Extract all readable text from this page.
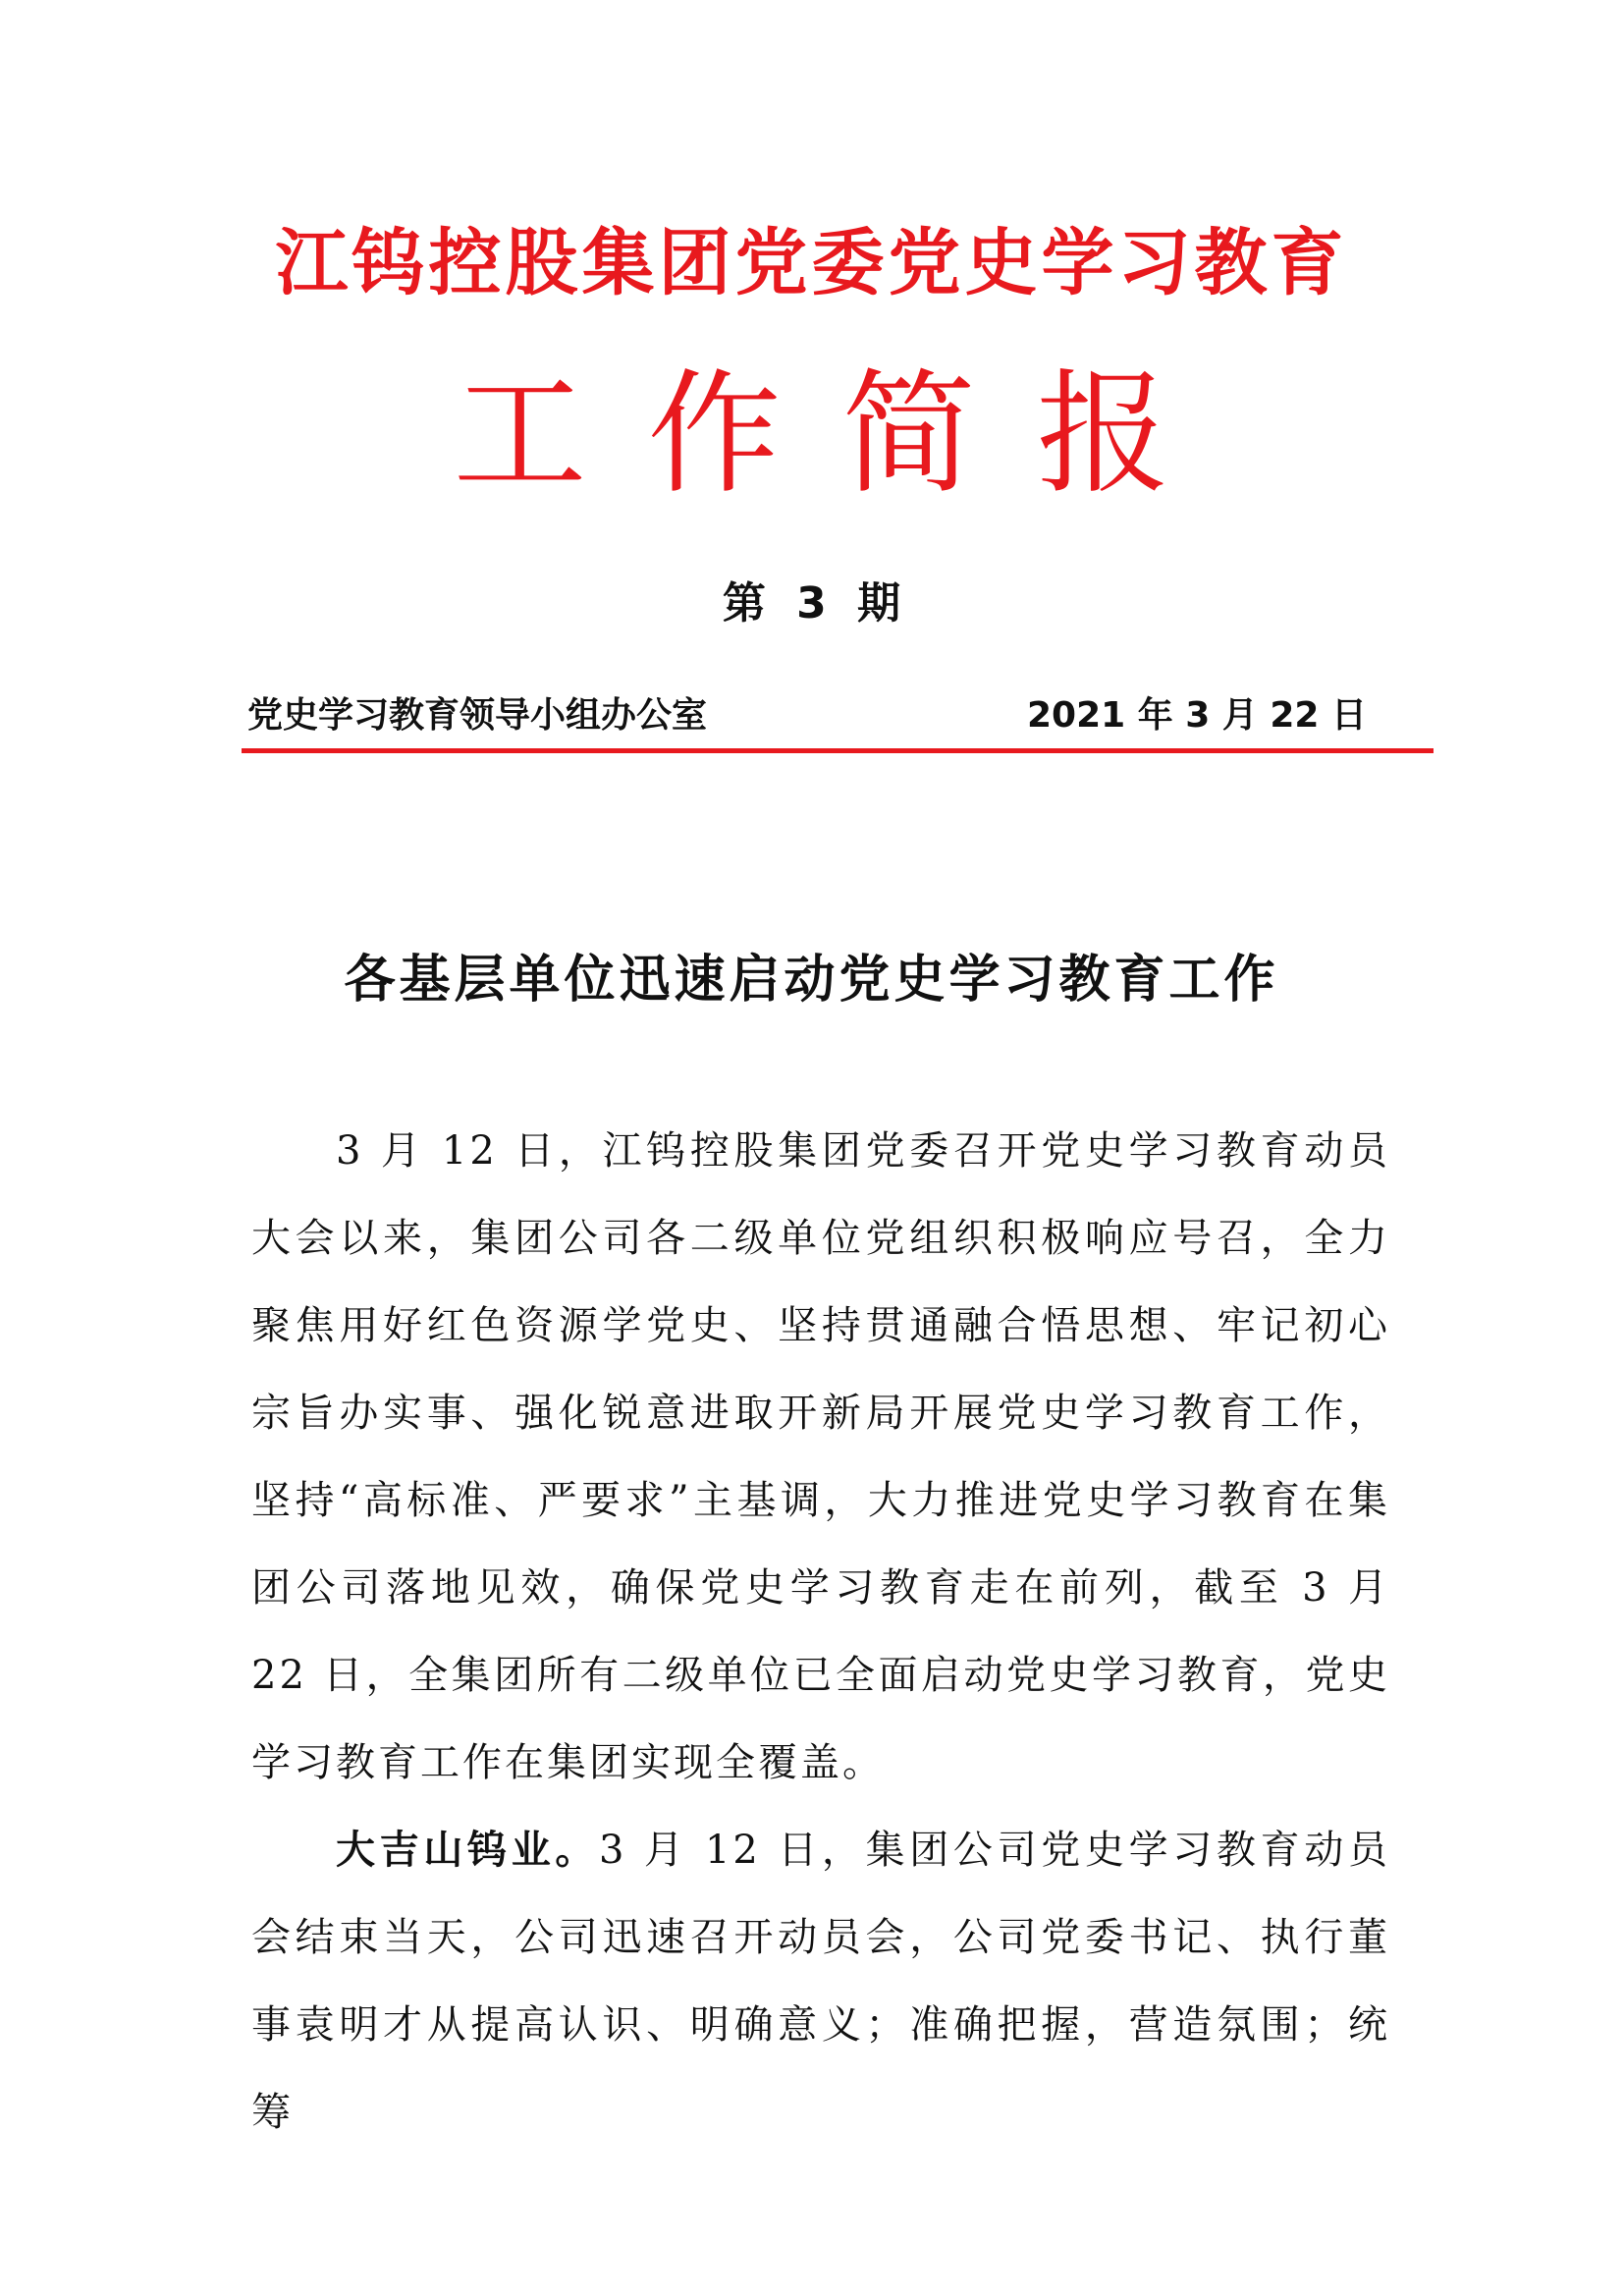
江钨控股集团党委党史学习教育
工作简报
第 3 期
党史学习教育领导小组办公室	2021 年 3 月 22 日
各基层单位迅速启动党史学习教育工作

3 月 12 日，江钨控股集团党委召开党史学习教育动员大会以来，集团公司各二级单位党组织积极响应号召，全力聚焦用好红色资源学党史、坚持贯通融合悟思想、牢记初心宗旨办实事、强化锐意进取开新局开展党史学习教育工作，坚持“高标准、严要求”主基调，大力推进党史学习教育在集团公司落地见效，确保党史学习教育走在前列，截至 3 月 22 日，全集团所有二级单位已全面启动党史学习教育，党史学习教育工作在集团实现全覆盖。

大吉山钨业。3 月 12 日，集团公司党史学习教育动员会结束当天，公司迅速召开动员会，公司党委书记、执行董事袁明才从提高认识、明确意义；准确把握，营造氛围；统筹
